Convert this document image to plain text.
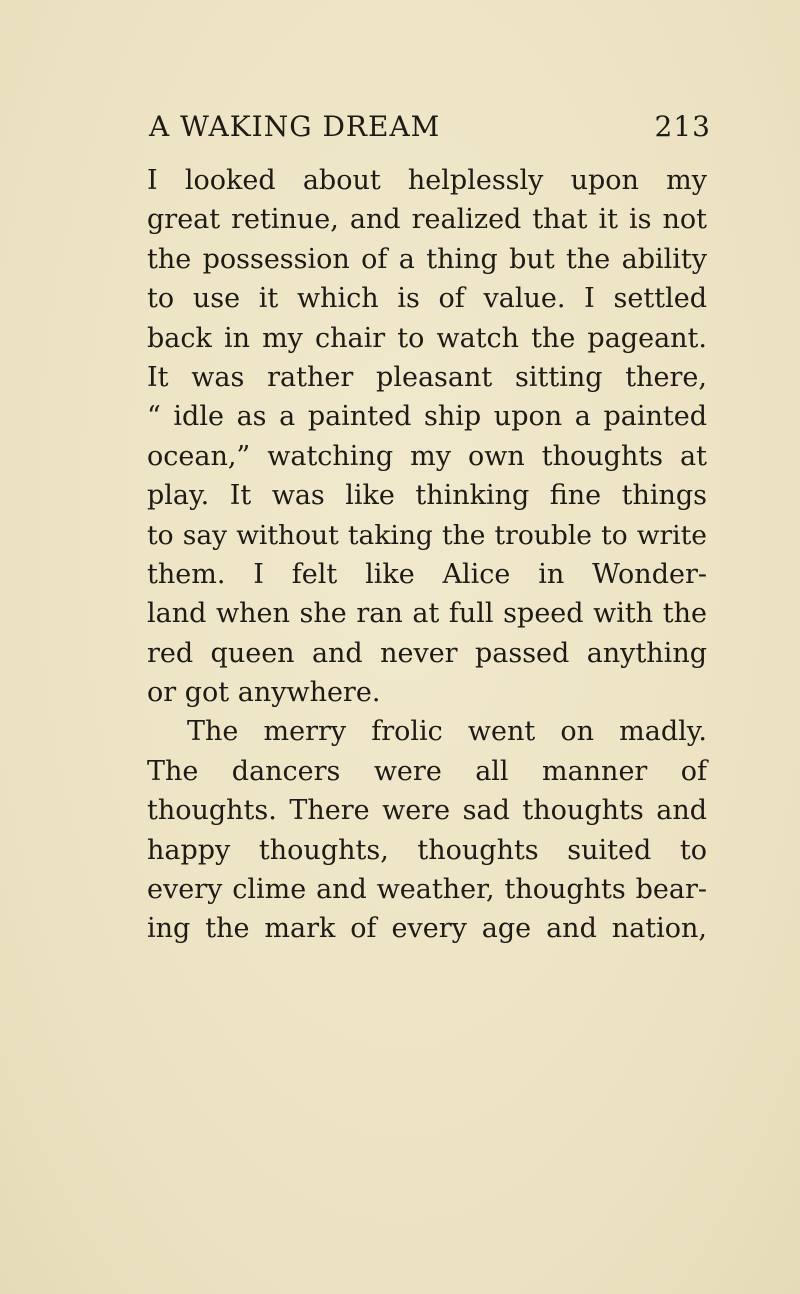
A WAKING DREAM	213
I looked about helplessly upon my
great retinue, and realized that it is not
the possession of a thing but the ability
to use it which is of value. I settled
back in my chair to watch the pageant.
It was rather pleasant sitting there,
“ idle as a painted ship upon a painted
ocean,” watching my own thoughts at
play. It was like thinking fine things
to say without taking the trouble to write
them. I felt like Alice in Wonder-
land when she ran at full speed with the
red queen and never passed anything
or got anywhere.
The merry frolic went on madly.
The dancers were all manner of
thoughts. There were sad thoughts and
happy thoughts, thoughts suited to
every clime and weather, thoughts bear-
ing the mark of every age and nation,
